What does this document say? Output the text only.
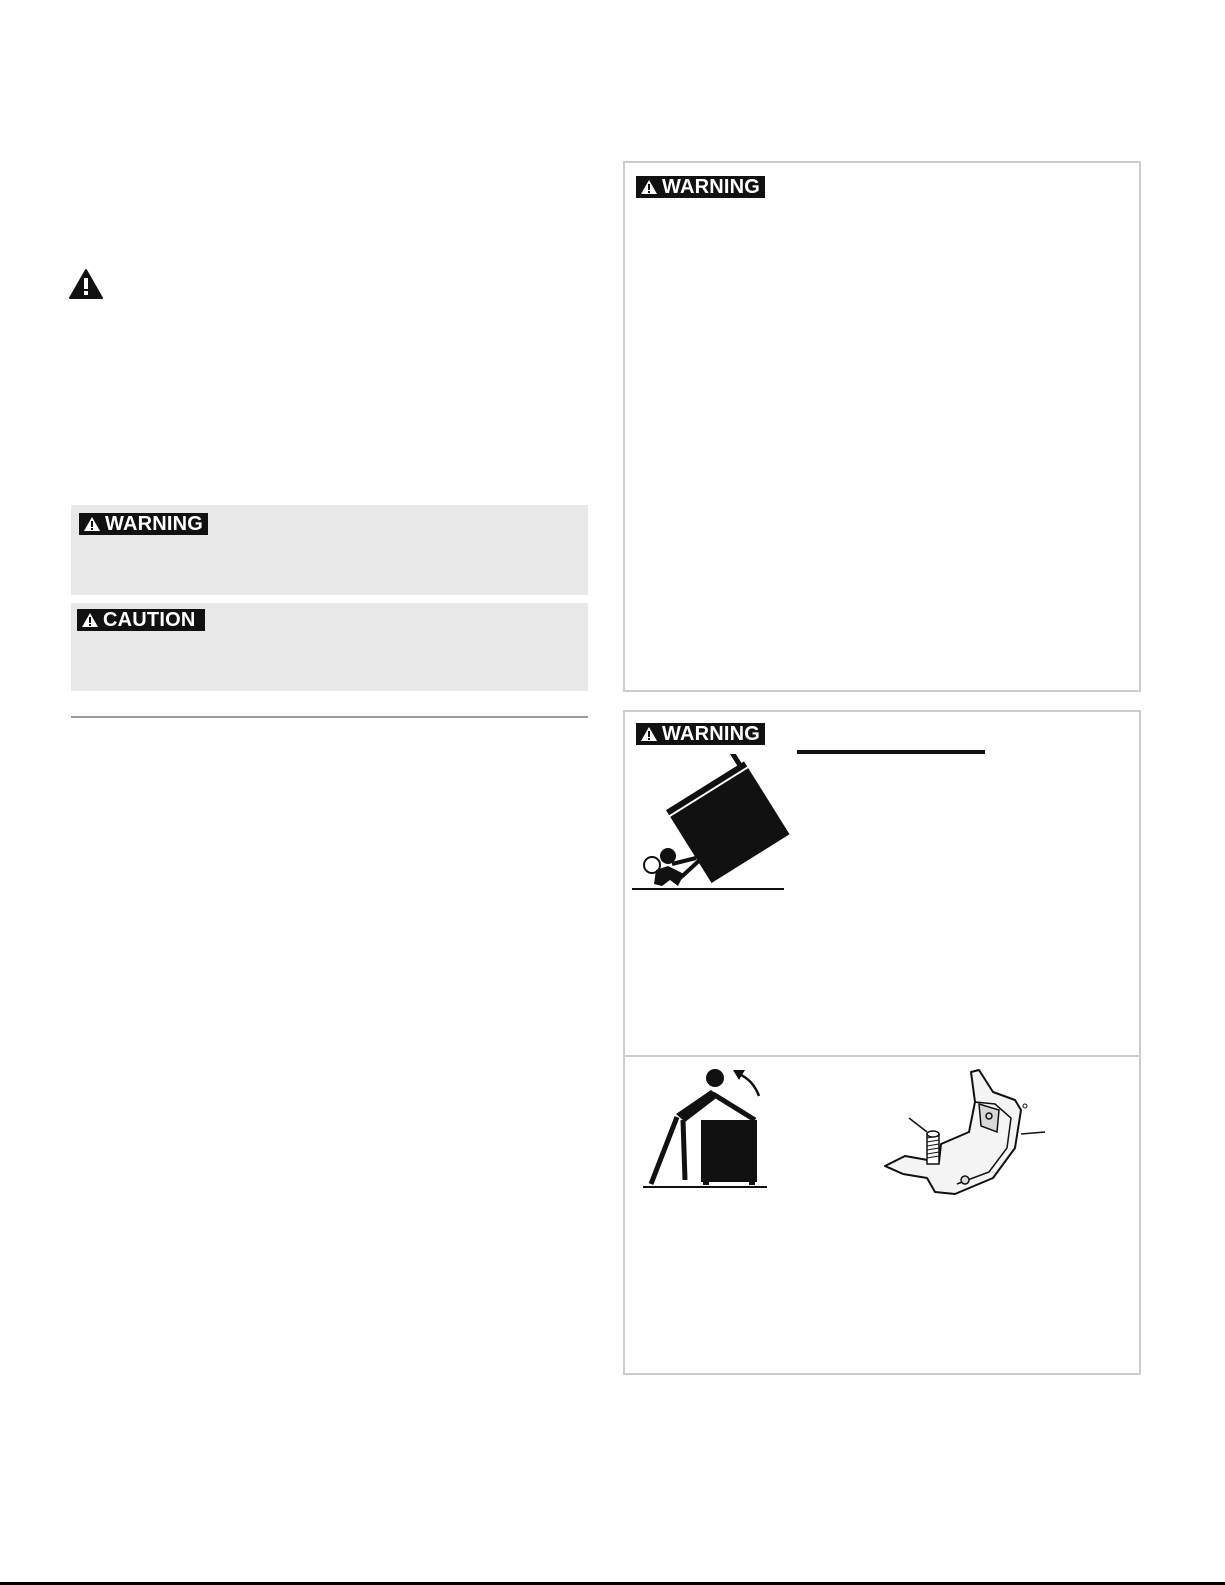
WARNING
CAUTION
WARNING
WARNING
